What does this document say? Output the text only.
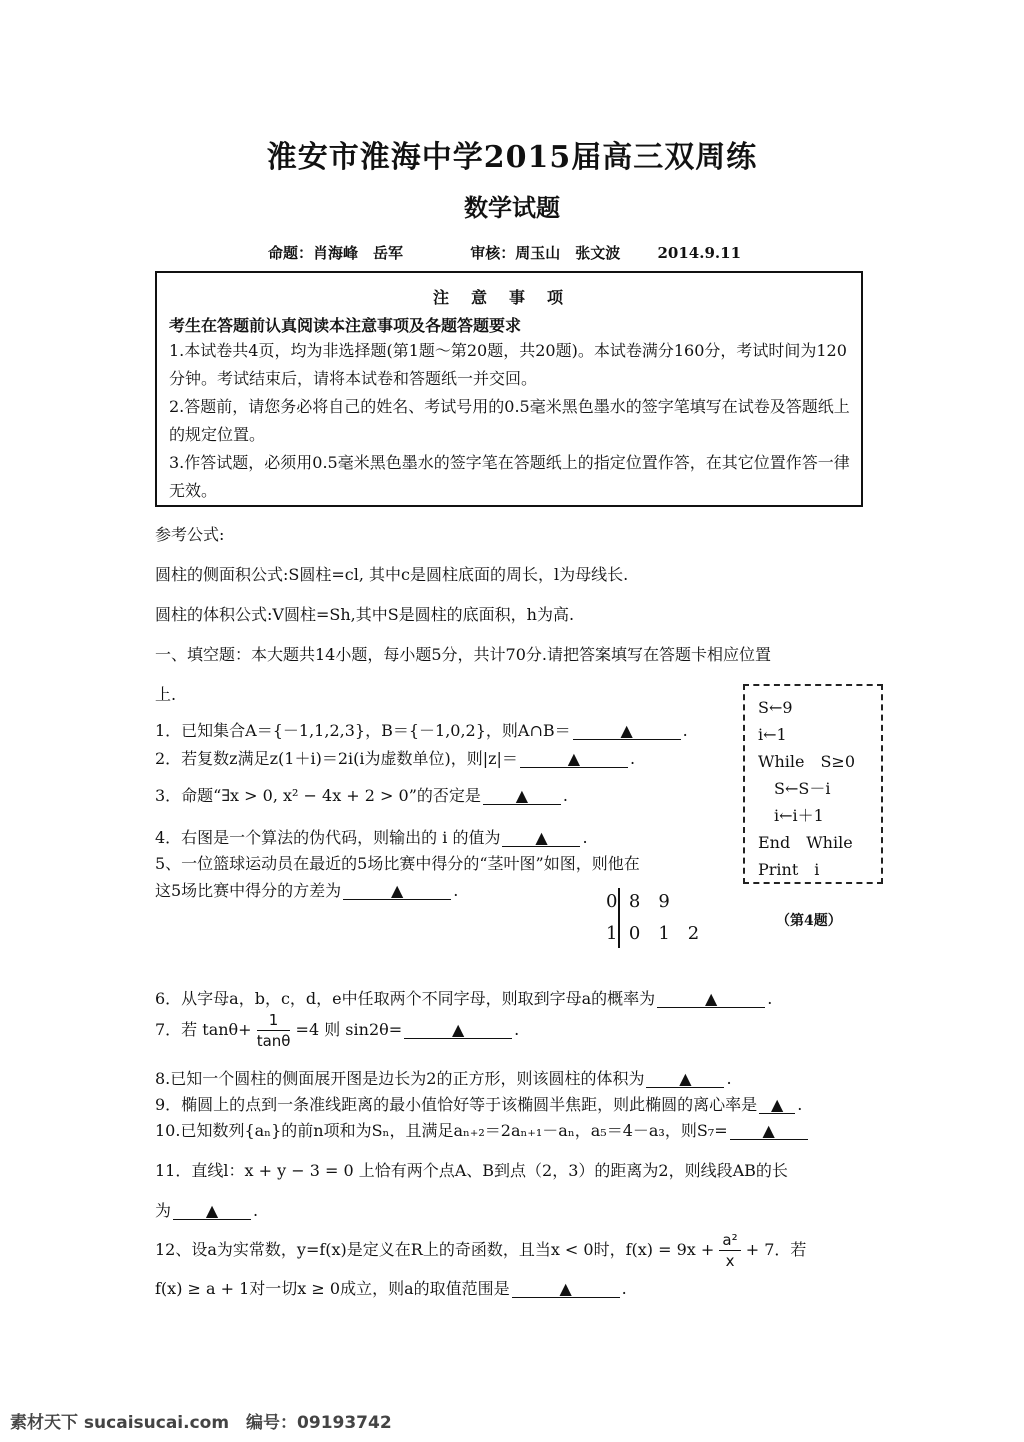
淮安市淮海中学2015届高三双周练
数学试题
命题：肖海峰　岳军	审核：周玉山　张文波 2014.9.11
注意事项
考生在答题前认真阅读本注意事项及各题答题要求
1.本试卷共4页，均为非选择题(第1题～第20题，共20题)。本试卷满分160分，考试时间为120分钟。考试结束后，请将本试卷和答题纸一并交回。
2.答题前，请您务必将自己的姓名、考试号用的0.5毫米黑色墨水的签字笔填写在试卷及答题纸上的规定位置。
3.作答试题，必须用0.5毫米黑色墨水的签字笔在答题纸上的指定位置作答，在其它位置作答一律无效。
参考公式:
圆柱的侧面积公式:S圆柱=cl, 其中c是圆柱底面的周长，l为母线长.
圆柱的体积公式:V圆柱=Sh,其中S是圆柱的底面积，h为高.
一、填空题：本大题共14小题，每小题5分，共计70分.请把答案填写在答题卡相应位置
上.
S←9
i←1
While　S≥0
S←S－i
i←i＋1
End　While
Print　i
1．已知集合A＝{－1,1,2,3}，B＝{－1,0,2}，则A∩B＝	▲	.
2．若复数z满足z(1＋i)＝2i(i为虚数单位)，则|z|＝	▲	.
3．命题“∃x > 0, x² − 4x + 2 > 0”的否定是 ▲ .
4．右图是一个算法的伪代码，则输出的 i 的值为 ▲ .
5、一位篮球运动员在最近的5场比赛中得分的“茎叶图”如图，则他在
这5场比赛中得分的方差为	▲	.
0 8　9
1 0　1　2
（第4题）
6．从字母a，b，c，d，e中任取两个不同字母，则取到字母a的概率为	▲	.
7．若 $\tan\theta+ \frac{1}{\tan\theta} =4$ 则 sin2θ=	▲	.
8.已知一个圆柱的侧面展开图是边长为2的正方形，则该圆柱的体积为 ▲ .
9．椭圆上的点到一条准线距离的最小值恰好等于该椭圆半焦距，则此椭圆的离心率是 ▲ .
10.已知数列{aₙ}的前n项和为Sₙ，且满足aₙ₊₂＝2aₙ₊₁－aₙ，a₅＝4－a₃，则S₇= ▲
11．直线l：x + y − 3 = 0 上恰有两个点A、B到点（2，3）的距离为2，则线段AB的长
为 ▲ .
12、设a为实常数，y=f(x)是定义在R上的奇函数，且当x < 0时，$f(x) = 9x + \frac{\text{a²}}{x} + 7$．若
f(x) ≥ a + 1对一切x ≥ 0成立，则a的取值范围是	▲	.
素材天下 sucaisucai.com　编号：09193742
